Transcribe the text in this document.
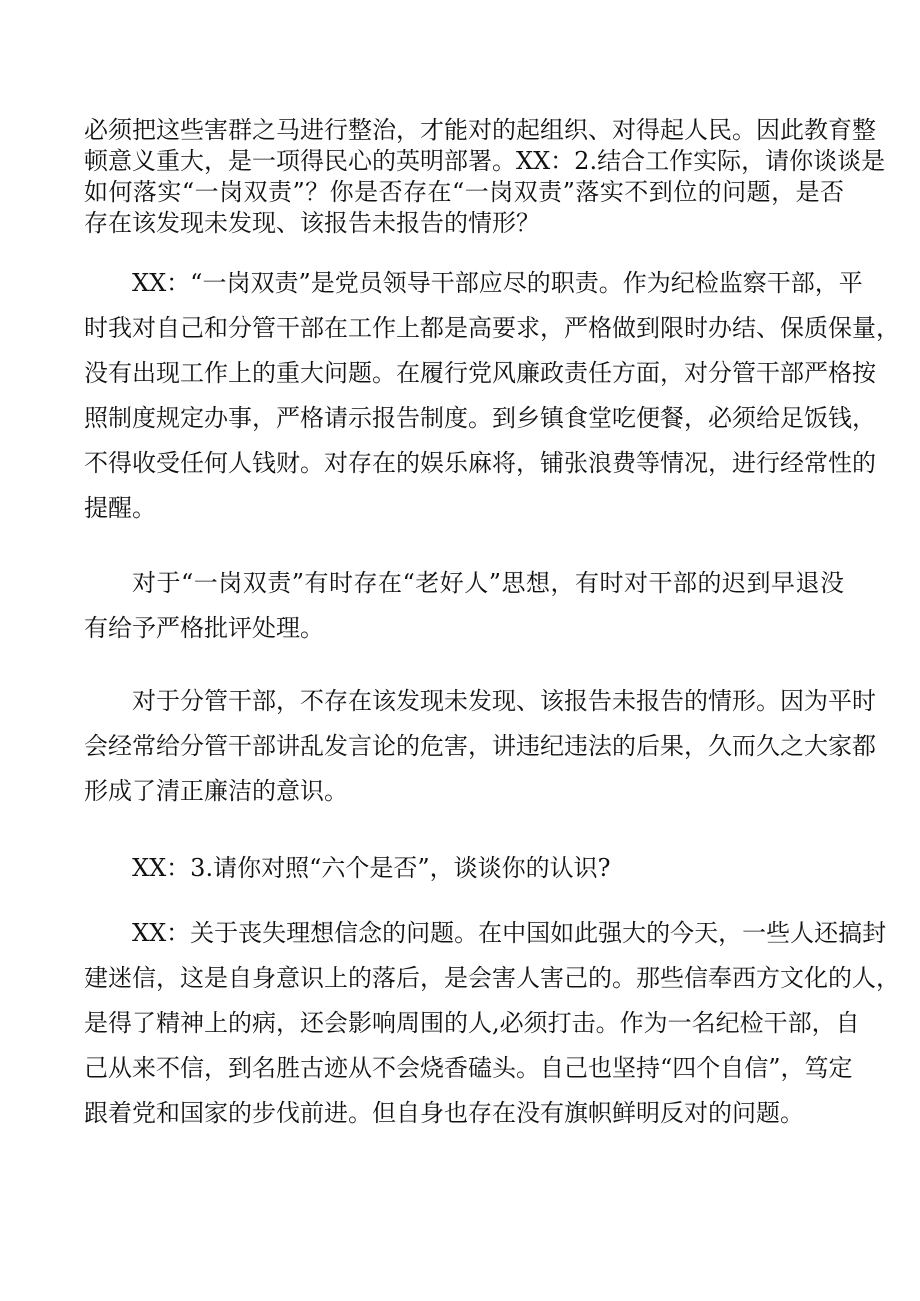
必须把这些害群之马进行整治，才能对的起组织、对得起人民。因此教育整
顿意义重大，是一项得民心的英明部署。XX：2.结合工作实际，请你谈谈是
如何落实“一岗双责”？你是否存在“一岗双责”落实不到位的问题，是否
存在该发现未发现、该报告未报告的情形？
XX：“一岗双责”是党员领导干部应尽的职责。作为纪检监察干部，平
时我对自己和分管干部在工作上都是高要求，严格做到限时办结、保质保量，
没有出现工作上的重大问题。在履行党风廉政责任方面，对分管干部严格按
照制度规定办事，严格请示报告制度。到乡镇食堂吃便餐，必须给足饭钱，
不得收受任何人钱财。对存在的娱乐麻将，铺张浪费等情况，进行经常性的
提醒。
对于“一岗双责”有时存在“老好人”思想，有时对干部的迟到早退没
有给予严格批评处理。
对于分管干部，不存在该发现未发现、该报告未报告的情形。因为平时
会经常给分管干部讲乱发言论的危害，讲违纪违法的后果，久而久之大家都
形成了清正廉洁的意识。
XX：3.请你对照“六个是否”，谈谈你的认识?
XX：关于丧失理想信念的问题。在中国如此强大的今天，一些人还搞封
建迷信，这是自身意识上的落后，是会害人害己的。那些信奉西方文化的人，
是得了精神上的病，还会影响周围的人,必须打击。作为一名纪检干部，自
己从来不信，到名胜古迹从不会烧香磕头。自己也坚持“四个自信”，笃定
跟着党和国家的步伐前进。但自身也存在没有旗帜鲜明反对的问题。
